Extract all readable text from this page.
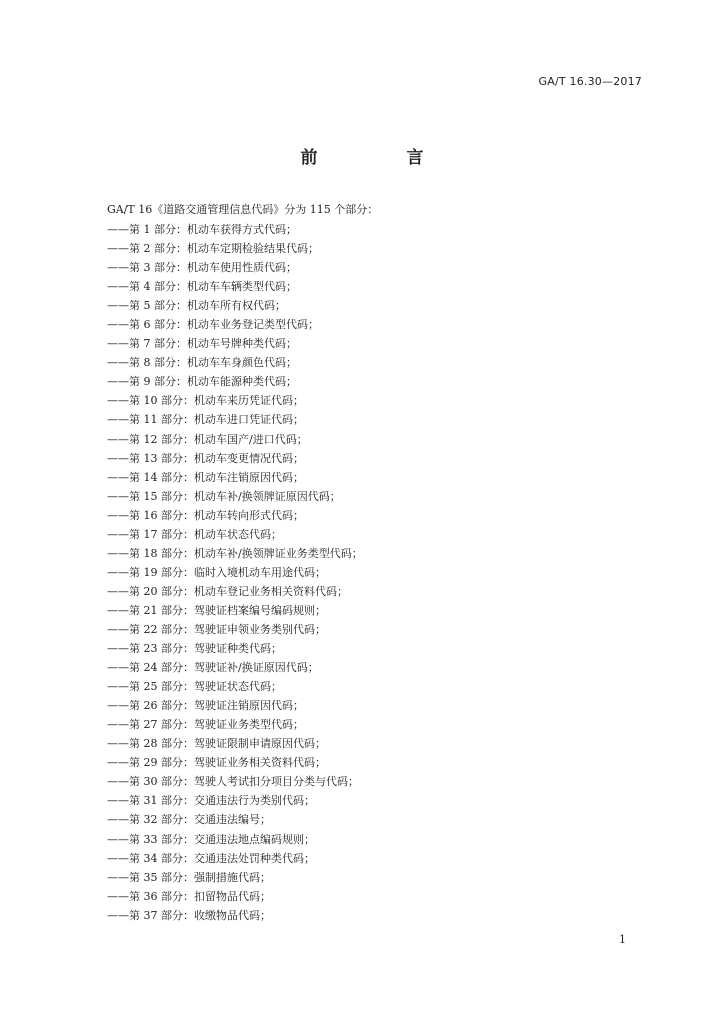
GA/T 16.30—2017
前　言
GA/T 16《道路交通管理信息代码》分为 115 个部分：
——第 1 部分：机动车获得方式代码；
——第 2 部分：机动车定期检验结果代码；
——第 3 部分：机动车使用性质代码；
——第 4 部分：机动车车辆类型代码；
——第 5 部分：机动车所有权代码；
——第 6 部分：机动车业务登记类型代码；
——第 7 部分：机动车号牌种类代码；
——第 8 部分：机动车车身颜色代码；
——第 9 部分：机动车能源种类代码；
——第 10 部分：机动车来历凭证代码；
——第 11 部分：机动车进口凭证代码；
——第 12 部分：机动车国产/进口代码；
——第 13 部分：机动车变更情况代码；
——第 14 部分：机动车注销原因代码；
——第 15 部分：机动车补/换领牌证原因代码；
——第 16 部分：机动车转向形式代码；
——第 17 部分：机动车状态代码；
——第 18 部分：机动车补/换领牌证业务类型代码；
——第 19 部分：临时入境机动车用途代码；
——第 20 部分：机动车登记业务相关资料代码；
——第 21 部分：驾驶证档案编号编码规则；
——第 22 部分：驾驶证申领业务类别代码；
——第 23 部分：驾驶证种类代码；
——第 24 部分：驾驶证补/换证原因代码；
——第 25 部分：驾驶证状态代码；
——第 26 部分：驾驶证注销原因代码；
——第 27 部分：驾驶证业务类型代码；
——第 28 部分：驾驶证限制申请原因代码；
——第 29 部分：驾驶证业务相关资料代码；
——第 30 部分：驾驶人考试扣分项目分类与代码；
——第 31 部分：交通违法行为类别代码；
——第 32 部分：交通违法编号；
——第 33 部分：交通违法地点编码规则；
——第 34 部分：交通违法处罚种类代码；
——第 35 部分：强制措施代码；
——第 36 部分：扣留物品代码；
——第 37 部分：收缴物品代码；
1
